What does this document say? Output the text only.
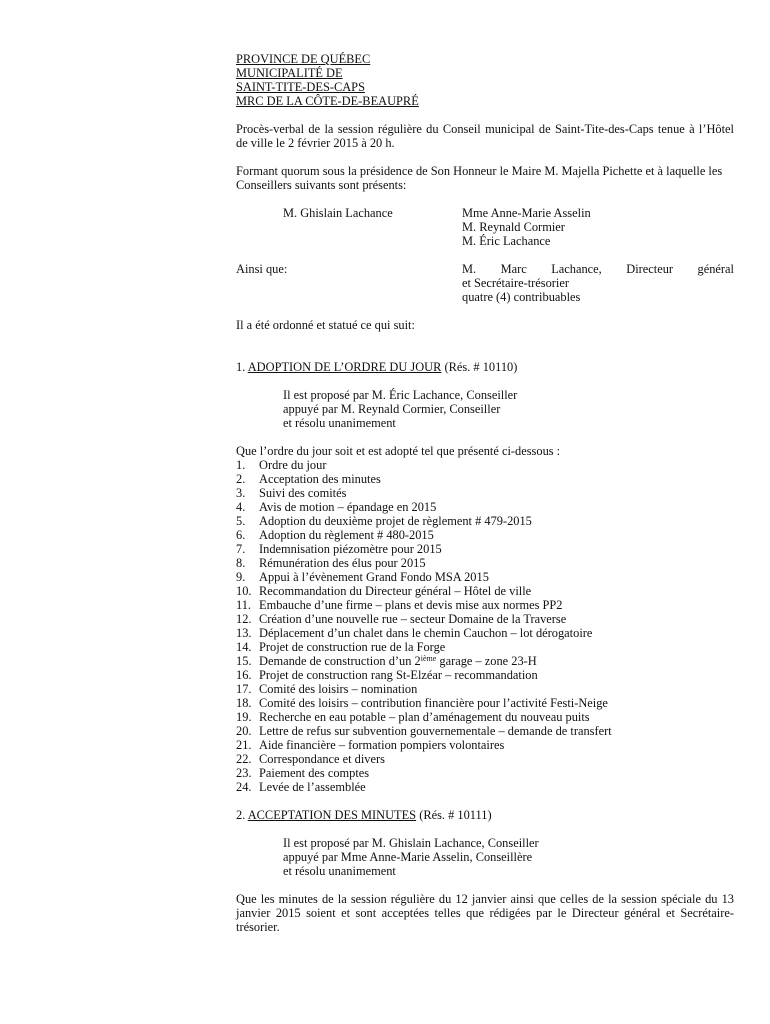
PROVINCE DE QUÉBEC
MUNICIPALITÉ DE
SAINT-TITE-DES-CAPS
MRC DE LA CÔTE-DE-BEAUPRÉ

Procès-verbal de la session régulière du Conseil municipal de Saint-Tite-des-Caps tenue à l’Hôtel de ville le 2 février 2015 à 20 h.

Formant quorum sous la présidence de Son Honneur le Maire M. Majella Pichette et à laquelle les Conseillers suivants sont présents:

M. Ghislain Lachance	Mme Anne-Marie Asselin
M. Reynald Cormier
M. Éric Lachance
Ainsi que:	M. Marc Lachance, Directeur général
et Secrétaire-trésorier
quatre (4) contribuables

Il a été ordonné et statué ce qui suit:

1. ADOPTION DE L’ORDRE DU JOUR (Rés. # 10110)

Il est proposé par M. Éric Lachance, Conseiller
appuyé par M. Reynald Cormier, Conseiller
et résolu unanimement

Que l’ordre du jour soit et est adopté tel que présenté ci-dessous :

1.	Ordre du jour
2.	Acceptation des minutes
3.	Suivi des comités
4.	Avis de motion – épandage en 2015
5.	Adoption du deuxième projet de règlement # 479-2015
6.	Adoption du règlement # 480-2015
7.	Indemnisation piézomètre pour 2015
8.	Rémunération des élus pour 2015
9.	Appui à l’évènement Grand Fondo MSA 2015
10. Recommandation du Directeur général – Hôtel de ville
11. Embauche d’une firme – plans et devis mise aux normes PP2
12. Création d’une nouvelle rue – secteur Domaine de la Traverse
13. Déplacement d’un chalet dans le chemin Cauchon – lot dérogatoire
14. Projet de construction rue de la Forge
15. Demande de construction d’un 2ième garage – zone 23-H
16. Projet de construction rang St-Elzéar – recommandation
17. Comité des loisirs – nomination
18. Comité des loisirs – contribution financière pour l’activité Festi-Neige
19. Recherche en eau potable – plan d’aménagement du nouveau puits
20. Lettre de refus sur subvention gouvernementale – demande de transfert
21. Aide financière – formation pompiers volontaires
22. Correspondance et divers
23. Paiement des comptes
24. Levée de l’assemblée

2. ACCEPTATION DES MINUTES (Rés. # 10111)

Il est proposé par M. Ghislain Lachance, Conseiller
appuyé par Mme Anne-Marie Asselin, Conseillère
et résolu unanimement

Que les minutes de la session régulière du 12 janvier ainsi que celles de la session spéciale du 13 janvier 2015 soient et sont acceptées telles que rédigées par le Directeur général et Secrétaire-trésorier.
